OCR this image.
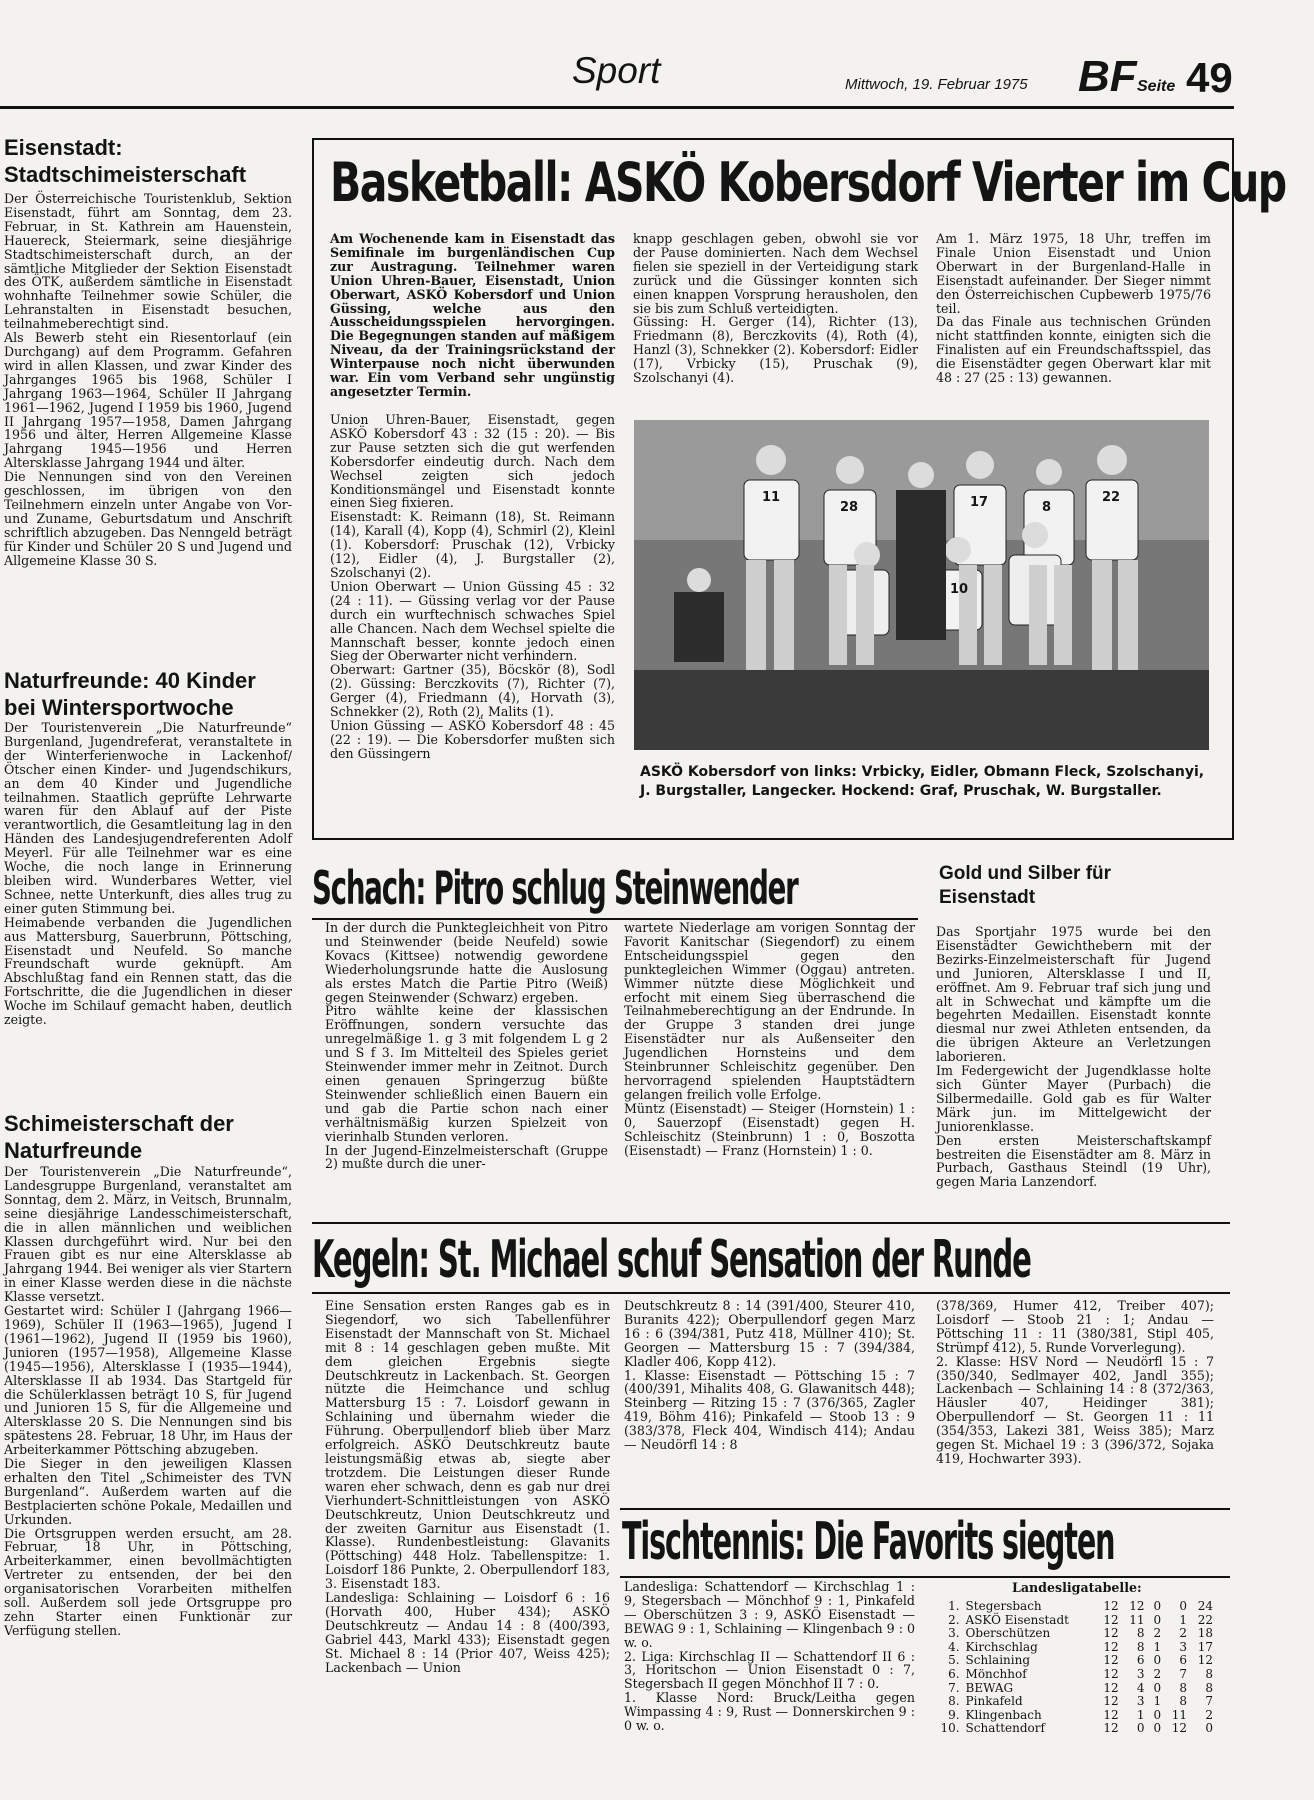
Sport	Mittwoch, 19. Februar 1975 BF Seite 49
Eisenstadt:
Stadtschimeisterschaft
Der Österreichische Touristenklub, Sektion Eisenstadt, führt am Sonntag, dem 23. Februar, in St. Kathrein am Hauenstein, Hauereck, Steiermark, seine diesjährige Stadtschimeisterschaft durch, an der sämtliche Mitglieder der Sektion Eisenstadt des ÖTK, außerdem sämtliche in Eisenstadt wohnhafte Teilnehmer sowie Schüler, die Lehranstalten in Eisenstadt besuchen, teilnahmeberechtigt sind.
Als Bewerb steht ein Riesentorlauf (ein Durchgang) auf dem Programm. Gefahren wird in allen Klassen, und zwar Kinder des Jahrganges 1965 bis 1968, Schüler I Jahrgang 1963—1964, Schüler II Jahrgang 1961—1962, Jugend I 1959 bis 1960, Jugend II Jahrgang 1957—1958, Damen Jahrgang 1956 und älter, Herren Allgemeine Klasse Jahrgang 1945—1956 und Herren Altersklasse Jahrgang 1944 und älter.
Die Nennungen sind von den Vereinen geschlossen, im übrigen von den Teilnehmern einzeln unter Angabe von Vor- und Zuname, Geburtsdatum und Anschrift schriftlich abzugeben. Das Nenngeld beträgt für Kinder und Schüler 20 S und Jugend und Allgemeine Klasse 30 S.
Naturfreunde: 40 Kinder
bei Wintersportwoche
Der Touristenverein „Die Naturfreunde“ Burgenland, Jugendreferat, veranstaltete in der Winterferienwoche in Lackenhof/Ötscher einen Kinder- und Jugendschikurs, an dem 40 Kinder und Jugendliche teilnahmen. Staatlich geprüfte Lehrwarte waren für den Ablauf auf der Piste verantwortlich, die Gesamtleitung lag in den Händen des Landesjugendreferenten Adolf Meyerl. Für alle Teilnehmer war es eine Woche, die noch lange in Erinnerung bleiben wird. Wunderbares Wetter, viel Schnee, nette Unterkunft, dies alles trug zu einer guten Stimmung bei.
Heimabende verbanden die Jugendlichen aus Mattersburg, Sauerbrunn, Pöttsching, Eisenstadt und Neufeld. So manche Freundschaft wurde geknüpft. Am Abschlußtag fand ein Rennen statt, das die Fortschritte, die die Jugendlichen in dieser Woche im Schilauf gemacht haben, deutlich zeigte.
Schimeisterschaft der
Naturfreunde
Der Touristenverein „Die Naturfreunde“, Landesgruppe Burgenland, veranstaltet am Sonntag, dem 2. März, in Veitsch, Brunnalm, seine diesjährige Landesschimeisterschaft, die in allen männlichen und weiblichen Klassen durchgeführt wird. Nur bei den Frauen gibt es nur eine Altersklasse ab Jahrgang 1944. Bei weniger als vier Startern in einer Klasse werden diese in die nächste Klasse versetzt.
Gestartet wird: Schüler I (Jahrgang 1966—1969), Schüler II (1963—1965), Jugend I (1961—1962), Jugend II (1959 bis 1960), Junioren (1957—1958), Allgemeine Klasse (1945—1956), Altersklasse I (1935—1944), Altersklasse II ab 1934. Das Startgeld für die Schülerklassen beträgt 10 S, für Jugend und Junioren 15 S, für die Allgemeine und Altersklasse 20 S. Die Nennungen sind bis spätestens 28. Februar, 18 Uhr, im Haus der Arbeiterkammer Pöttsching abzugeben.
Die Sieger in den jeweiligen Klassen erhalten den Titel „Schimeister des TVN Burgenland“. Außerdem warten auf die Bestplacierten schöne Pokale, Medaillen und Urkunden.
Die Ortsgruppen werden ersucht, am 28. Februar, 18 Uhr, in Pöttsching, Arbeiterkammer, einen bevollmächtigten Vertreter zu entsenden, der bei den organisatorischen Vorarbeiten mithelfen soll. Außerdem soll jede Ortsgruppe pro zehn Starter einen Funktionär zur Verfügung stellen.
Basketball: ASKÖ Kobersdorf Vierter im Cup
Am Wochenende kam in Eisenstadt das Semifinale im burgenländischen Cup zur Austragung. Teilnehmer waren Union Uhren-Bauer, Eisenstadt, Union Oberwart, ASKÖ Kobersdorf und Union Güssing, welche aus den Ausscheidungsspielen hervorgingen. Die Begegnungen standen auf mäßigem Niveau, da der Trainingsrückstand der Winterpause noch nicht überwunden war. Ein vom Verband sehr ungünstig angesetzter Termin.
Union Uhren-Bauer, Eisenstadt, gegen ASKÖ Kobersdorf 43 : 32 (15 : 20). — Bis zur Pause setzten sich die gut werfenden Kobersdorfer eindeutig durch. Nach dem Wechsel zeigten sich jedoch Konditionsmängel und Eisenstadt konnte einen Sieg fixieren.
Eisenstadt: K. Reimann (18), St. Reimann (14), Karall (4), Kopp (4), Schmirl (2), Kleinl (1). Kobersdorf: Pruschak (12), Vrbicky (12), Eidler (4), J. Burgstaller (2), Szolschanyi (2).
Union Oberwart — Union Güssing 45 : 32 (24 : 11). — Güssing verlag vor der Pause durch ein wurftechnisch schwaches Spiel alle Chancen. Nach dem Wechsel spielte die Mannschaft besser, konnte jedoch einen Sieg der Oberwarter nicht verhindern.
Oberwart: Gartner (35), Böcskör (8), Sodl (2). Güssing: Berczkovits (7), Richter (7), Gerger (4), Friedmann (4), Horvath (3), Schnekker (2), Roth (2), Malits (1).
Union Güssing — ASKÖ Kobersdorf 48 : 45 (22 : 19). — Die Kobersdorfer mußten sich den Güssingern
knapp geschlagen geben, obwohl sie vor der Pause dominierten. Nach dem Wechsel fielen sie speziell in der Verteidigung stark zurück und die Güssinger konnten sich einen knappen Vorsprung herausholen, den sie bis zum Schluß verteidigten.
Güssing: H. Gerger (14), Richter (13), Friedmann (8), Berczkovits (4), Roth (4), Hanzl (3), Schnekker (2). Kobersdorf: Eidler (17), Vrbicky (15), Pruschak (9), Szolschanyi (4).
Am 1. März 1975, 18 Uhr, treffen im Finale Union Eisenstadt und Union Oberwart in der Burgenland-Halle in Eisenstadt aufeinander. Der Sieger nimmt den Österreichischen Cupbewerb 1975/76 teil.
Da das Finale aus technischen Gründen nicht stattfinden konnte, einigten sich die Finalisten auf ein Freundschaftsspiel, das die Eisenstädter gegen Oberwart klar mit 48 : 27 (25 : 13) gewannen.
11
28	17	8
22
10
ASKÖ Kobersdorf von links: Vrbicky, Eidler, Obmann Fleck, Szolschanyi, J. Burgstaller, Langecker. Hockend: Graf, Pruschak, W. Burgstaller.
Schach: Pitro schlug Steinwender
In der durch die Punktegleichheit von Pitro und Steinwender (beide Neufeld) sowie Kovacs (Kittsee) notwendig gewordene Wiederholungsrunde hatte die Auslosung als erstes Match die Partie Pitro (Weiß) gegen Steinwender (Schwarz) ergeben.
Pitro wählte keine der klassischen Eröffnungen, sondern versuchte das unregelmäßige 1. g 3 mit folgendem L g 2 und S f 3. Im Mittelteil des Spieles geriet Steinwender immer mehr in Zeitnot. Durch einen genauen Springerzug büßte Steinwender schließlich einen Bauern ein und gab die Partie schon nach einer verhältnismäßig kurzen Spielzeit von vierinhalb Stunden verloren.
In der Jugend-Einzelmeisterschaft (Gruppe 2) mußte durch die uner-
wartete Niederlage am vorigen Sonntag der Favorit Kanitschar (Siegendorf) zu einem Entscheidungsspiel gegen den punktegleichen Wimmer (Oggau) antreten. Wimmer nützte diese Möglichkeit und erfocht mit einem Sieg überraschend die Teilnahmeberechtigung an der Endrunde. In der Gruppe 3 standen drei junge Eisenstädter nur als Außenseiter den Jugendlichen Hornsteins und dem Steinbrunner Schleischitz gegenüber. Den hervorragend spielenden Hauptstädtern gelangen freilich volle Erfolge.
Müntz (Eisenstadt) — Steiger (Hornstein) 1 : 0, Sauerzopf (Eisenstadt) gegen H. Schleischitz (Steinbrunn) 1 : 0, Boszotta (Eisenstadt) — Franz (Hornstein) 1 : 0.
Gold und Silber für
Eisenstadt
Das Sportjahr 1975 wurde bei den Eisenstädter Gewichthebern mit der Bezirks-Einzelmeisterschaft für Jugend und Junioren, Altersklasse I und II, eröffnet. Am 9. Februar traf sich jung und alt in Schwechat und kämpfte um die begehrten Medaillen. Eisenstadt konnte diesmal nur zwei Athleten entsenden, da die übrigen Akteure an Verletzungen laborieren.
Im Federgewicht der Jugendklasse holte sich Günter Mayer (Purbach) die Silbermedaille. Gold gab es für Walter Märk jun. im Mittelgewicht der Juniorenklasse.
Den ersten Meisterschaftskampf bestreiten die Eisenstädter am 8. März in Purbach, Gasthaus Steindl (19 Uhr), gegen Maria Lanzendorf.
Kegeln: St. Michael schuf Sensation der Runde
Eine Sensation ersten Ranges gab es in Siegendorf, wo sich Tabellenführer Eisenstadt der Mannschaft von St. Michael mit 8 : 14 geschlagen geben mußte. Mit dem gleichen Ergebnis siegte Deutschkreutz in Lackenbach. St. Georgen nützte die Heimchance und schlug Mattersburg 15 : 7. Loisdorf gewann in Schlaining und übernahm wieder die Führung. Oberpullendorf blieb über Marz erfolgreich. ASKÖ Deutschkreutz baute leistungsmäßig etwas ab, siegte aber trotzdem. Die Leistungen dieser Runde waren eher schwach, denn es gab nur drei Vierhundert-Schnittleistungen von ASKÖ Deutschkreutz, Union Deutschkreutz und der zweiten Garnitur aus Eisenstadt (1. Klasse). Rundenbestleistung: Glavanits (Pöttsching) 448 Holz. Tabellenspitze: 1. Loisdorf 186 Punkte, 2. Oberpullendorf 183, 3. Eisenstadt 183.
Landesliga: Schlaining — Loisdorf 6 : 16 (Horvath 400, Huber 434); ASKÖ Deutschkreutz — Andau 14 : 8 (400/393, Gabriel 443, Markl 433); Eisenstadt gegen St. Michael 8 : 14 (Prior 407, Weiss 425); Lackenbach — Union
Deutschkreutz 8 : 14 (391/400, Steurer 410, Buranits 422); Oberpullendorf gegen Marz 16 : 6 (394/381, Putz 418, Müllner 410); St. Georgen — Mattersburg 15 : 7 (394/384, Kladler 406, Kopp 412).
1. Klasse: Eisenstadt — Pöttsching 15 : 7 (400/391, Mihalits 408, G. Glawanitsch 448); Steinberg — Ritzing 15 : 7 (376/365, Zagler 419, Böhm 416); Pinkafeld — Stoob 13 : 9 (383/378, Fleck 404, Windisch 414); Andau — Neudörfl 14 : 8
(378/369, Humer 412, Treiber 407); Loisdorf — Stoob 21 : 1; Andau — Pöttsching 11 : 11 (380/381, Stipl 405, Strümpf 412), 5. Runde Vorverlegung).
2. Klasse: HSV Nord — Neudörfl 15 : 7 (350/340, Sedlmayer 402, Jandl 355); Lackenbach — Schlaining 14 : 8 (372/363, Häusler 407, Heidinger 381); Oberpullendorf — St. Georgen 11 : 11 (354/353, Lakezi 381, Weiss 385); Marz gegen St. Michael 19 : 3 (396/372, Sojaka 419, Hochwarter 393).
Tischtennis: Die Favorits siegten
Landesliga: Schattendorf — Kirchschlag 1 : 9, Stegersbach — Mönchhof 9 : 1, Pinkafeld — Oberschützen 3 : 9, ASKÖ Eisenstadt — BEWAG 9 : 1, Schlaining — Klingenbach 9 : 0 w. o.
2. Liga: Kirchschlag II — Schattendorf II 6 : 3, Horitschon — Union Eisenstadt 0 : 7, Stegersbach II gegen Mönchhof II 7 : 0.
1. Klasse Nord: Bruck/Leitha gegen Wimpassing 4 : 9, Rust — Donnerskirchen 9 : 0 w. o.
Landesligatabelle:
1.	Stegersbach	12	12	0	0	24
2.	ASKÖ Eisenstadt	12	11	0	1	22
3.	Oberschützen	12	8	2	2	18
4.	Kirchschlag	12	8	1	3	17
5.	Schlaining	12	6	0	6	12
6.	Mönchhof	12	3	2	7	8
7.	BEWAG	12	4	0	8	8
8.	Pinkafeld	12	3	1	8	7
9.	Klingenbach	12	1	0	11	2
10.	Schattendorf	12	0	0	12	0
